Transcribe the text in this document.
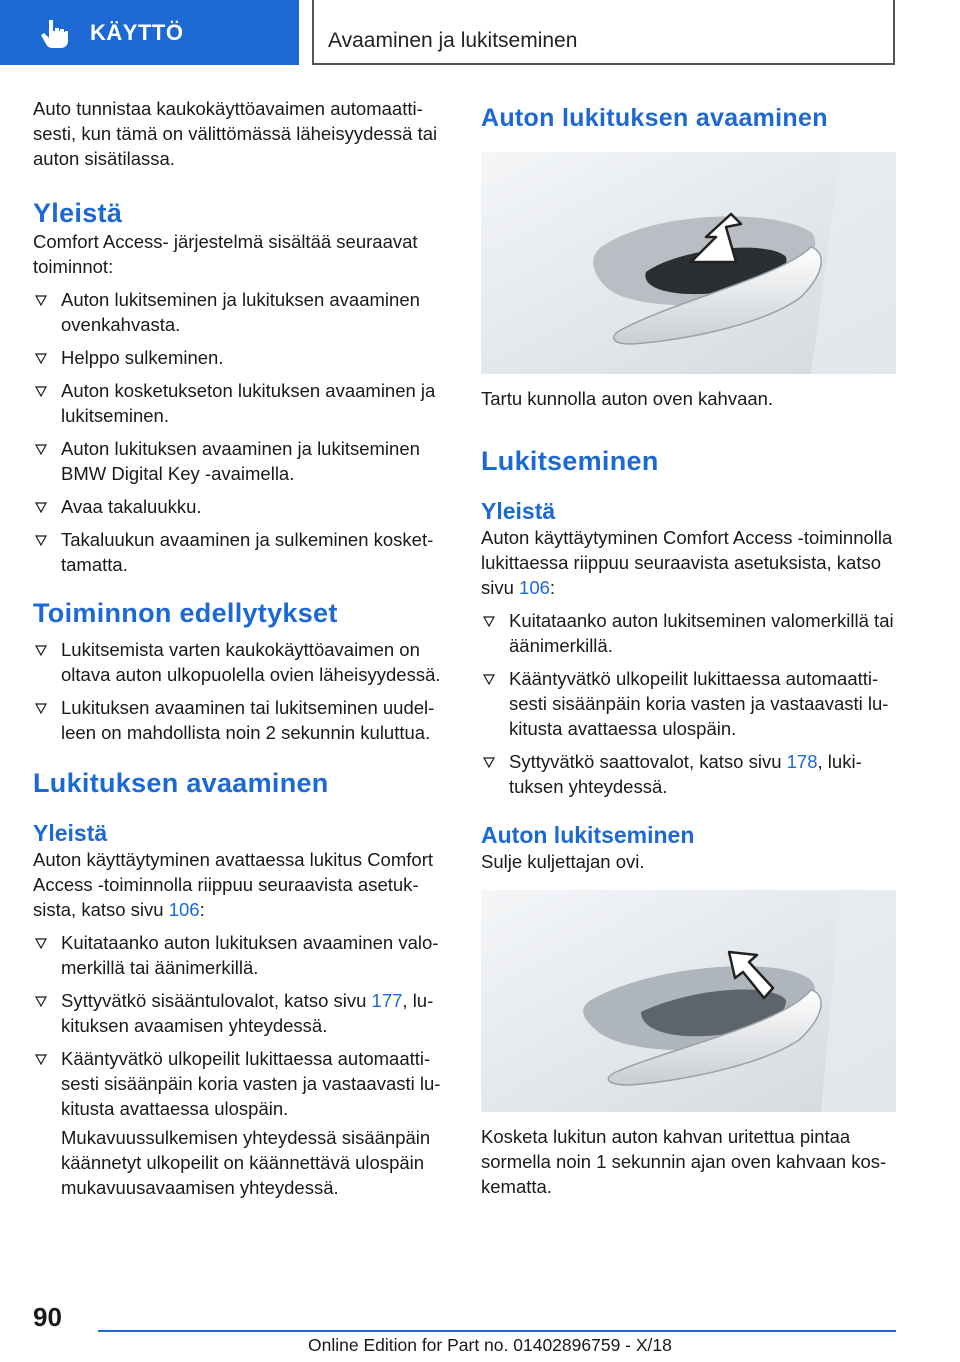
KÄYTTÖ	Avaaminen ja lukitseminen

Auto tunnistaa kaukokäyttöavaimen automaattisesti, kun tämä on välittömässä läheisyydessä tai auton sisätilassa.

Yleistä

Comfort Access- järjestelmä sisältää seuraavat toiminnot:

Auton lukitseminen ja lukituksen avaaminen ovenkahvasta.
Helppo sulkeminen.
Auton kosketukseton lukituksen avaaminen ja lukitseminen.
Auton lukituksen avaaminen ja lukitseminen BMW Digital Key -avaimella.
Avaa takaluukku.
Takaluukun avaaminen ja sulkeminen koskettamatta.
Toiminnon edellytykset
Lukitsemista varten kaukokäyttöavaimen on oltava auton ulkopuolella ovien läheisyydessä.
Lukituksen avaaminen tai lukitseminen uudelleen on mahdollista noin 2 sekunnin kuluttua.
Lukituksen avaaminen
Yleistä

Auton käyttäytyminen avattaessa lukitus Comfort Access -toiminnolla riippuu seuraavista asetuksista, katso sivu 106:

Kuitataanko auton lukituksen avaaminen valomerkillä tai äänimerkillä.
Syttyvätkö sisääntulovalot, katso sivu 177, lukituksen avaamisen yhteydessä.
Kääntyvätkö ulkopeilit lukittaessa automaattisesti sisäänpäin koria vasten ja vastaavasti lukitusta avattaessa ulospäin.

Mukavuussulkemisen yhteydessä sisäänpäin käännetyt ulkopeilit on käännettävä ulospäin mukavuusavaamisen yhteydessä.

Auton lukituksen avaaminen

Tartu kunnolla auton oven kahvaan.

Lukitseminen
Yleistä

Auton käyttäytyminen Comfort Access -toiminnolla lukittaessa riippuu seuraavista asetuksista, katso sivu 106:

Kuitataanko auton lukitseminen valomerkillä tai äänimerkillä.
Kääntyvätkö ulkopeilit lukittaessa automaattisesti sisäänpäin koria vasten ja vastaavasti lukitusta avattaessa ulospäin.
Syttyvätkö saattovalot, katso sivu 178, lukituksen yhteydessä.
Auton lukitseminen

Sulje kuljettajan ovi.

Kosketa lukitun auton kahvan uritettua pintaa sormella noin 1 sekunnin ajan oven kahvaan koskematta.

90
Online Edition for Part no. 01402896759 - X/18
